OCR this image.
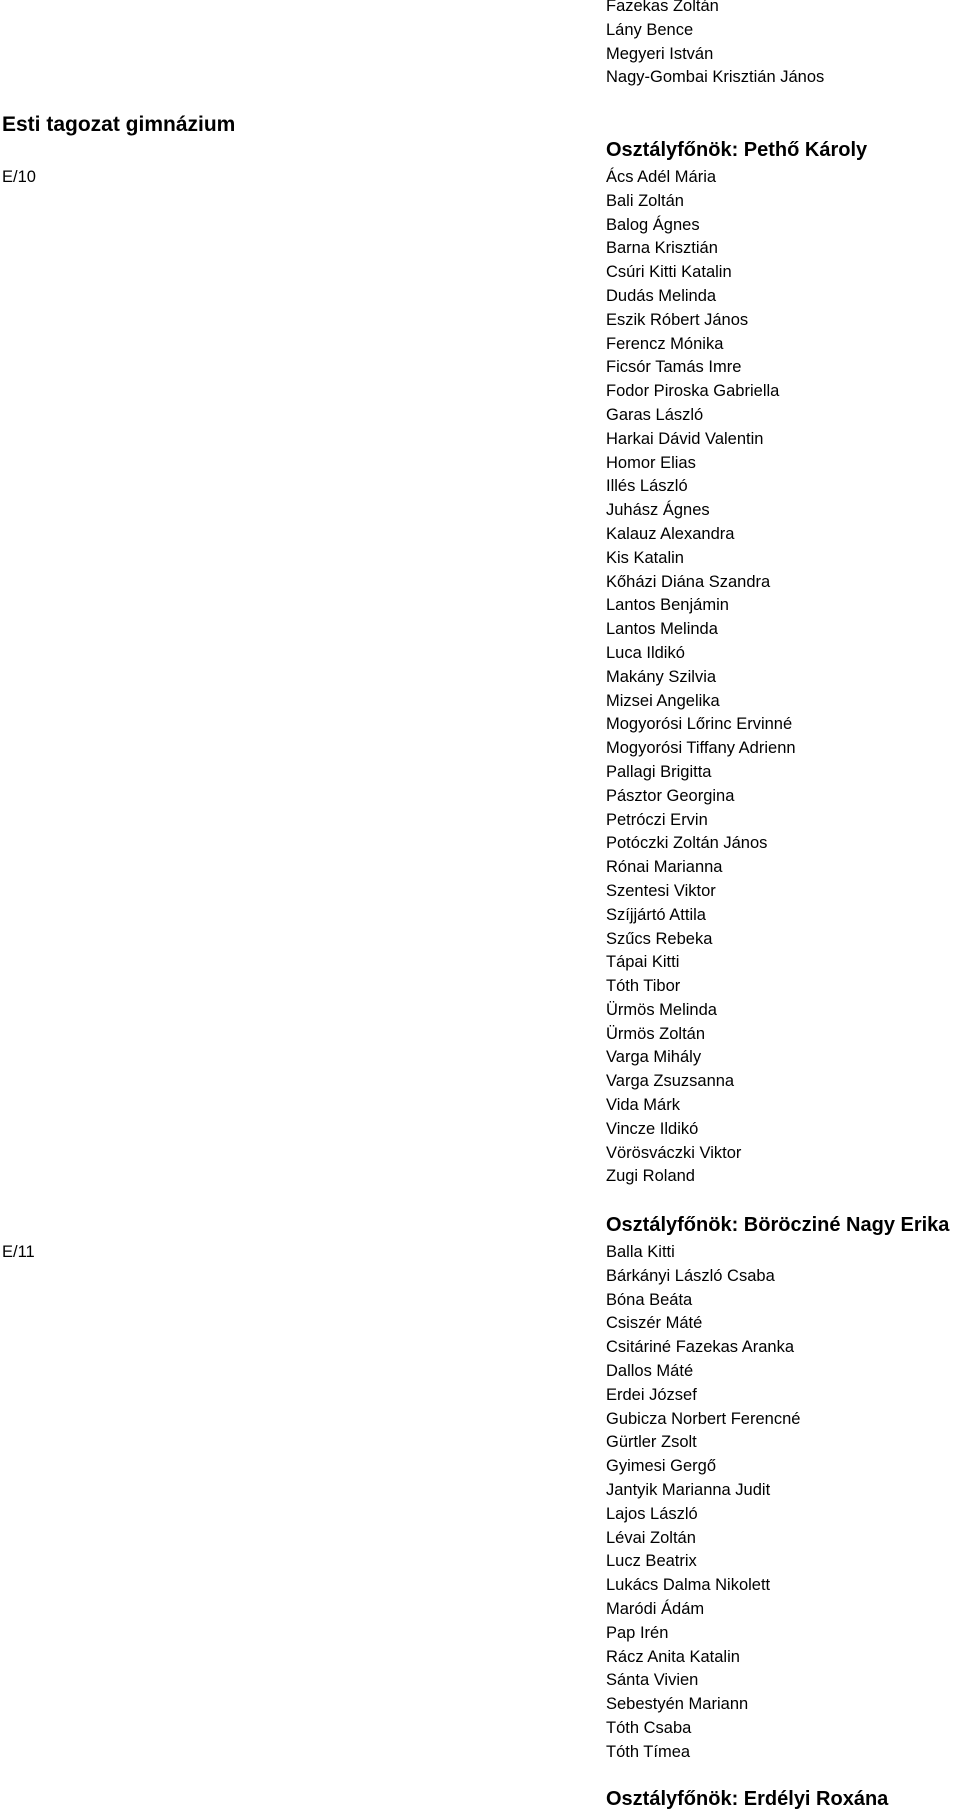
Fazekas Zoltán
Lány Bence
Megyeri István
Nagy-Gombai Krisztián János
Esti tagozat gimnázium
E/10
Osztályfőnök: Pethő Károly
Ács Adél Mária
Bali Zoltán
Balog Ágnes
Barna Krisztián
Csúri Kitti Katalin
Dudás Melinda
Eszik Róbert János
Ferencz Mónika
Ficsór Tamás Imre
Fodor Piroska Gabriella
Garas László
Harkai Dávid Valentin
Homor Elias
Illés László
Juhász Ágnes
Kalauz Alexandra
Kis Katalin
Kőházi Diána Szandra
Lantos Benjámin
Lantos Melinda
Luca Ildikó
Makány Szilvia
Mizsei Angelika
Mogyorósi Lőrinc Ervinné
Mogyorósi Tiffany Adrienn
Pallagi Brigitta
Pásztor Georgina
Petróczi Ervin
Potóczki Zoltán János
Rónai Marianna
Szentesi Viktor
Szíjjártó Attila
Szűcs Rebeka
Tápai Kitti
Tóth Tibor
Ürmös Melinda
Ürmös Zoltán
Varga Mihály
Varga Zsuzsanna
Vida Márk
Vincze Ildikó
Vörösváczki Viktor
Zugi Roland
E/11
Osztályfőnök: Böröcziné Nagy Erika
Balla Kitti
Bárkányi László Csaba
Bóna Beáta
Csiszér Máté
Csitáriné Fazekas Aranka
Dallos Máté
Erdei József
Gubicza Norbert Ferencné
Gürtler Zsolt
Gyimesi Gergő
Jantyik Marianna Judit
Lajos László
Lévai Zoltán
Lucz Beatrix
Lukács Dalma Nikolett
Maródi Ádám
Pap Irén
Rácz Anita Katalin
Sánta Vivien
Sebestyén Mariann
Tóth Csaba
Tóth Tímea
Osztályfőnök: Erdélyi Roxána
